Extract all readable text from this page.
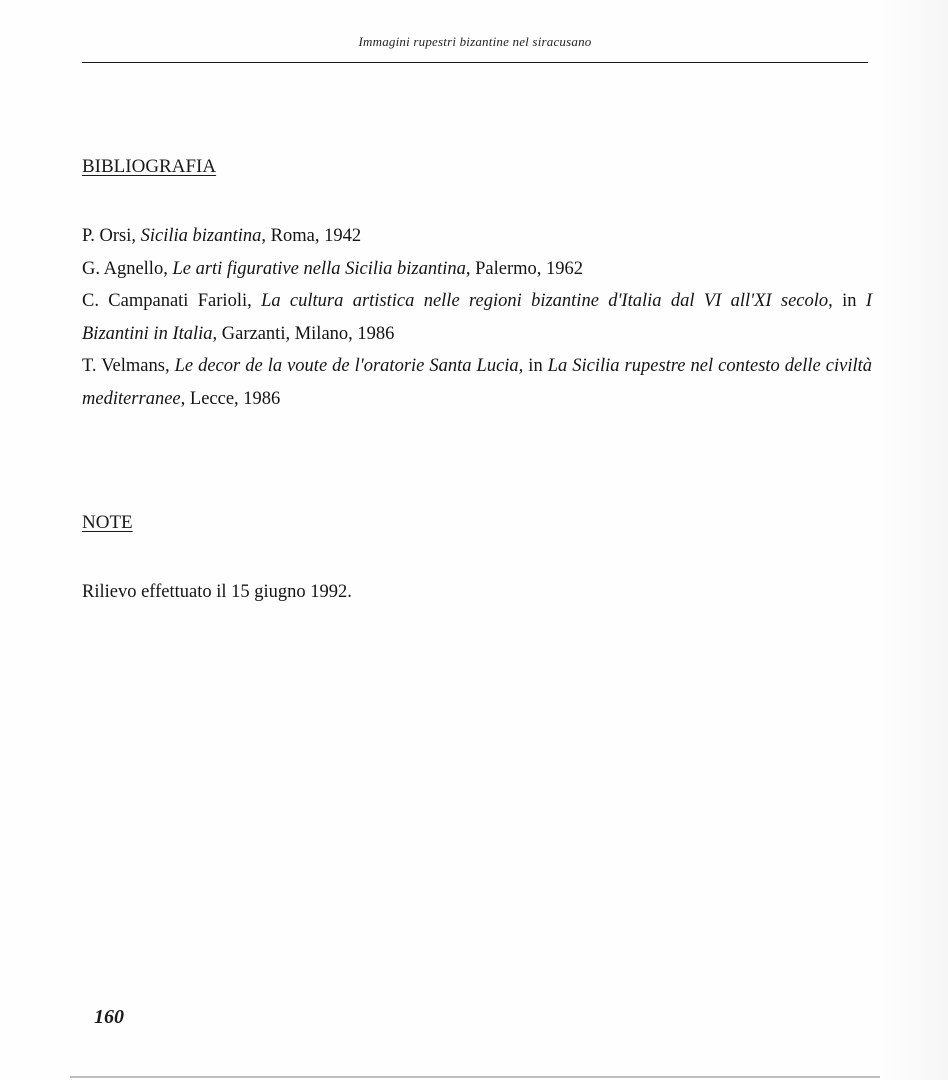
Immagini rupestri bizantine nel siracusano
BIBLIOGRAFIA

P. Orsi, Sicilia bizantina, Roma, 1942

G. Agnello, Le arti figurative nella Sicilia bizantina, Palermo, 1962

C. Campanati Farioli, La cultura artistica nelle regioni bizantine d'Italia dal VI all'XI secolo, in I Bizantini in Italia, Garzanti, Milano, 1986

T. Velmans, Le decor de la voute de l'oratorie Santa Lucia, in La Sicilia rupestre nel contesto delle civiltà mediterranee, Lecce, 1986

NOTE
Rilievo effettuato il 15 giugno 1992.
160
